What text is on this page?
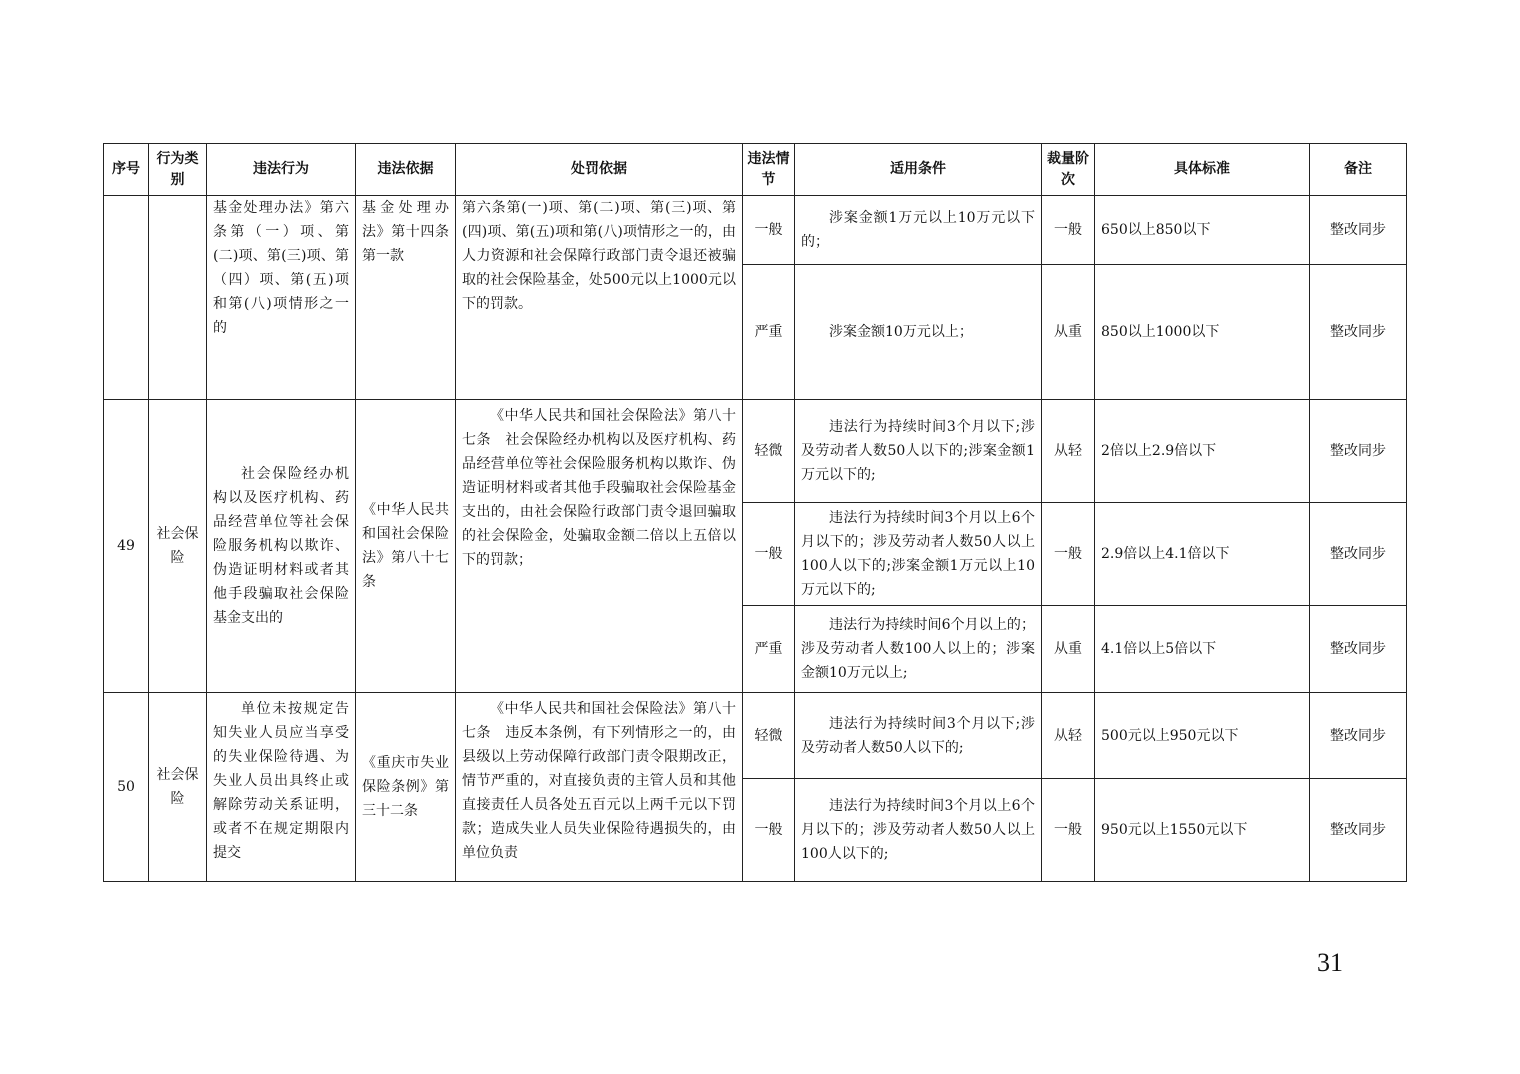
序号	行为类别	违法行为	违法依据	处罚依据	违法情节	适用条件	裁量阶次	具体标准	备注
		基金处理办法》第六条第（一）项、第(二)项、第(三)项、第（四）项、第(五)项和第(八)项情形之一的	基金处理办法》第十四条第一款	第六条第(一)项、第(二)项、第(三)项、第(四)项、第(五)项和第(八)项情形之一的，由人力资源和社会保障行政部门责令退还被骗取的社会保险基金，处500元以上1000元以下的罚款。	一般	涉案金额1万元以上10万元以下的；	一般	650以上850以下	整改同步
					严重	涉案金额10万元以上；	从重	850以上1000以下	整改同步
49	社会保险	社会保险经办机构以及医疗机构、药品经营单位等社会保险服务机构以欺诈、伪造证明材料或者其他手段骗取社会保险基金支出的	《中华人民共和国社会保险法》第八十七条	《中华人民共和国社会保险法》第八十七条　社会保险经办机构以及医疗机构、药品经营单位等社会保险服务机构以欺诈、伪造证明材料或者其他手段骗取社会保险基金支出的，由社会保险行政部门责令退回骗取的社会保险金，处骗取金额二倍以上五倍以下的罚款；	轻微	违法行为持续时间3个月以下;涉及劳动者人数50人以下的;涉案金额1万元以下的;	从轻	2倍以上2.9倍以下	整改同步
					一般	违法行为持续时间3个月以上6个月以下的；涉及劳动者人数50人以上100人以下的;涉案金额1万元以上10万元以下的;	一般	2.9倍以上4.1倍以下	整改同步
					严重	违法行为持续时间6个月以上的；涉及劳动者人数100人以上的；涉案金额10万元以上;	从重	4.1倍以上5倍以下	整改同步
50	社会保险	单位未按规定告知失业人员应当享受的失业保险待遇、为失业人员出具终止或解除劳动关系证明，或者不在规定期限内提交	《重庆市失业保险条例》第三十二条	《中华人民共和国社会保险法》第八十七条　违反本条例，有下列情形之一的，由县级以上劳动保障行政部门责令限期改正，情节严重的，对直接负责的主管人员和其他直接责任人员各处五百元以上两千元以下罚款；造成失业人员失业保险待遇损失的，由单位负责	轻微	违法行为持续时间3个月以下;涉及劳动者人数50人以下的;	从轻	500元以上950元以下	整改同步
					一般	违法行为持续时间3个月以上6个月以下的；涉及劳动者人数50人以上100人以下的;	一般	950元以上1550元以下	整改同步
31
